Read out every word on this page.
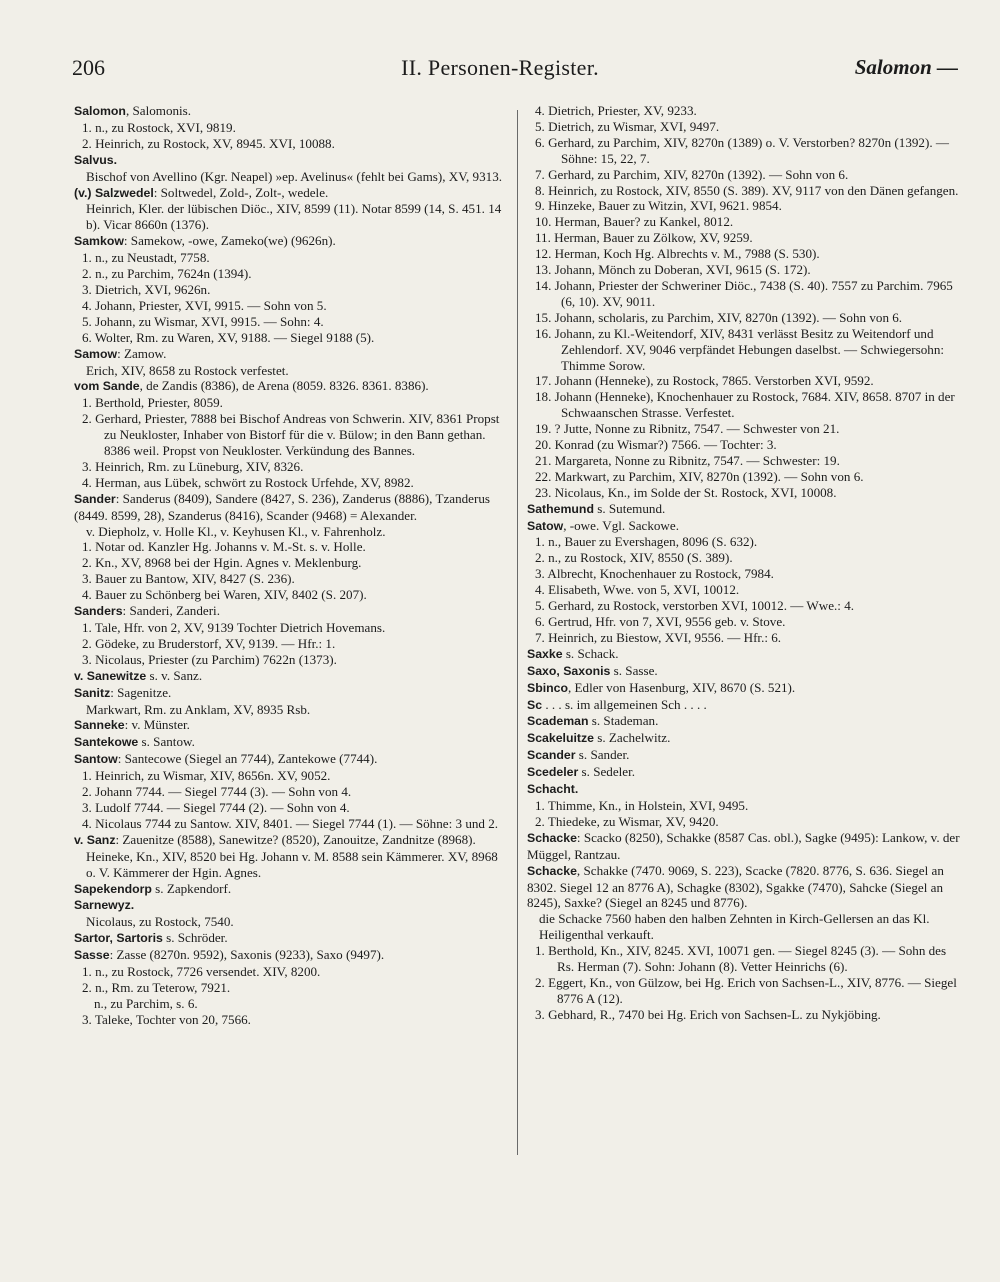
206	II. Personen-Register.	Salomon —
Salomon, Salomonis.
1. n., zu Rostock, XVI, 9819.
2. Heinrich, zu Rostock, XV, 8945. XVI, 10088.
Salvus.
Bischof von Avellino (Kgr. Neapel) »ep. Avelinus« (fehlt bei Gams), XV, 9313.
(v.) Salzwedel: Soltwedel, Zold-, Zolt-, wedele.
Heinrich, Kler. der lübischen Diöc., XIV, 8599 (11). Notar 8599 (14, S. 451. 14 b). Vicar 8660n (1376).
Samkow: Samekow, -owe, Zameko(we) (9626n).
1. n., zu Neustadt, 7758.
2. n., zu Parchim, 7624n (1394).
3. Dietrich, XVI, 9626n.
4. Johann, Priester, XVI, 9915. — Sohn von 5.
5. Johann, zu Wismar, XVI, 9915. — Sohn: 4.
6. Wolter, Rm. zu Waren, XV, 9188. — Siegel 9188 (5).
Samow: Zamow.
Erich, XIV, 8658 zu Rostock verfestet.
vom Sande, de Zandis (8386), de Arena (8059. 8326. 8361. 8386).
1. Berthold, Priester, 8059.
2. Gerhard, Priester, 7888 bei Bischof Andreas von Schwerin. XIV, 8361 Propst zu Neukloster, Inhaber von Bistorf für die v. Bülow; in den Bann gethan. 8386 weil. Propst von Neukloster. Verkündung des Bannes.
3. Heinrich, Rm. zu Lüneburg, XIV, 8326.
4. Herman, aus Lübek, schwört zu Rostock Urfehde, XV, 8982.
Sander: Sanderus (8409), Sandere (8427, S. 236), Zanderus (8886), Tzanderus (8449. 8599, 28), Szanderus (8416), Scander (9468) = Alexander.
v. Diepholz, v. Holle Kl., v. Keyhusen Kl., v. Fahrenholz.
1. Notar od. Kanzler Hg. Johanns v. M.-St. s. v. Holle.
2. Kn., XV, 8968 bei der Hgin. Agnes v. Meklenburg.
3. Bauer zu Bantow, XIV, 8427 (S. 236).
4. Bauer zu Schönberg bei Waren, XIV, 8402 (S. 207).
Sanders: Sanderi, Zanderi.
1. Tale, Hfr. von 2, XV, 9139 Tochter Dietrich Hovemans.
2. Gödeke, zu Bruderstorf, XV, 9139. — Hfr.: 1.
3. Nicolaus, Priester (zu Parchim) 7622n (1373).
v. Sanewitze s. v. Sanz.
Sanitz: Sagenitze.
Markwart, Rm. zu Anklam, XV, 8935 Rsb.
Sanneke: v. Münster.
Santekowe s. Santow.
Santow: Santecowe (Siegel an 7744), Zantekowe (7744).
1. Heinrich, zu Wismar, XIV, 8656n. XV, 9052.
2. Johann 7744. — Siegel 7744 (3). — Sohn von 4.
3. Ludolf 7744. — Siegel 7744 (2). — Sohn von 4.
4. Nicolaus 7744 zu Santow. XIV, 8401. — Siegel 7744 (1). — Söhne: 3 und 2.
v. Sanz: Zauenitze (8588), Sanewitze? (8520), Zanouitze, Zandnitze (8968).
Heineke, Kn., XIV, 8520 bei Hg. Johann v. M. 8588 sein Kämmerer. XV, 8968 o. V. Kämmerer der Hgin. Agnes.
Sapekendorp s. Zapkendorf.
Sarnewyz.
Nicolaus, zu Rostock, 7540.
Sartor, Sartoris s. Schröder.
Sasse: Zasse (8270n. 9592), Saxonis (9233), Saxo (9497).
1. n., zu Rostock, 7726 versendet. XIV, 8200.
2. n., Rm. zu Teterow, 7921.
n., zu Parchim, s. 6.
3. Taleke, Tochter von 20, 7566.
4. Dietrich, Priester, XV, 9233.
5. Dietrich, zu Wismar, XVI, 9497.
6. Gerhard, zu Parchim, XIV, 8270n (1389) o. V. Verstorben? 8270n (1392). — Söhne: 15, 22, 7.
7. Gerhard, zu Parchim, XIV, 8270n (1392). — Sohn von 6.
8. Heinrich, zu Rostock, XIV, 8550 (S. 389). XV, 9117 von den Dänen gefangen.
9. Hinzeke, Bauer zu Witzin, XVI, 9621. 9854.
10. Herman, Bauer? zu Kankel, 8012.
11. Herman, Bauer zu Zölkow, XV, 9259.
12. Herman, Koch Hg. Albrechts v. M., 7988 (S. 530).
13. Johann, Mönch zu Doberan, XVI, 9615 (S. 172).
14. Johann, Priester der Schweriner Diöc., 7438 (S. 40). 7557 zu Parchim. 7965 (6, 10). XV, 9011.
15. Johann, scholaris, zu Parchim, XIV, 8270n (1392). — Sohn von 6.
16. Johann, zu Kl.-Weitendorf, XIV, 8431 verlässt Besitz zu Weitendorf und Zehlendorf. XV, 9046 verpfändet Hebungen daselbst. — Schwiegersohn: Thimme Sorow.
17. Johann (Henneke), zu Rostock, 7865. Verstorben XVI, 9592.
18. Johann (Henneke), Knochenhauer zu Rostock, 7684. XIV, 8658. 8707 in der Schwaanschen Strasse. Verfestet.
19. ? Jutte, Nonne zu Ribnitz, 7547. — Schwester von 21.
20. Konrad (zu Wismar?) 7566. — Tochter: 3.
21. Margareta, Nonne zu Ribnitz, 7547. — Schwester: 19.
22. Markwart, zu Parchim, XIV, 8270n (1392). — Sohn von 6.
23. Nicolaus, Kn., im Solde der St. Rostock, XVI, 10008.
Sathemund s. Sutemund.
Satow, -owe. Vgl. Sackowe.
1. n., Bauer zu Evershagen, 8096 (S. 632).
2. n., zu Rostock, XIV, 8550 (S. 389).
3. Albrecht, Knochenhauer zu Rostock, 7984.
4. Elisabeth, Wwe. von 5, XVI, 10012.
5. Gerhard, zu Rostock, verstorben XVI, 10012. — Wwe.: 4.
6. Gertrud, Hfr. von 7, XVI, 9556 geb. v. Stove.
7. Heinrich, zu Biestow, XVI, 9556. — Hfr.: 6.
Saxke s. Schack.
Saxo, Saxonis s. Sasse.
Sbinco, Edler von Hasenburg, XIV, 8670 (S. 521).
Sc . . . s. im allgemeinen Sch . . . .
Scademan s. Stademan.
Scakeluitze s. Zachelwitz.
Scander s. Sander.
Scedeler s. Sedeler.
Schacht.
1. Thimme, Kn., in Holstein, XVI, 9495.
2. Thiedeke, zu Wismar, XV, 9420.
Schacke: Scacko (8250), Schakke (8587 Cas. obl.), Sagke (9495): Lankow, v. der Müggel, Rantzau.
Schacke, Schakke (7470. 9069, S. 223), Scacke (7820. 8776, S. 636. Siegel an 8302. Siegel 12 an 8776 A), Schagke (8302), Sgakke (7470), Sahcke (Siegel an 8245), Saxke? (Siegel an 8245 und 8776).
die Schacke 7560 haben den halben Zehnten in Kirch-Gellersen an das Kl. Heiligenthal verkauft.
1. Berthold, Kn., XIV, 8245. XVI, 10071 gen. — Siegel 8245 (3). — Sohn des Rs. Herman (7). Sohn: Johann (8). Vetter Heinrichs (6).
2. Eggert, Kn., von Gülzow, bei Hg. Erich von Sachsen-L., XIV, 8776. — Siegel 8776 A (12).
3. Gebhard, R., 7470 bei Hg. Erich von Sachsen-L. zu Nykjöbing.
